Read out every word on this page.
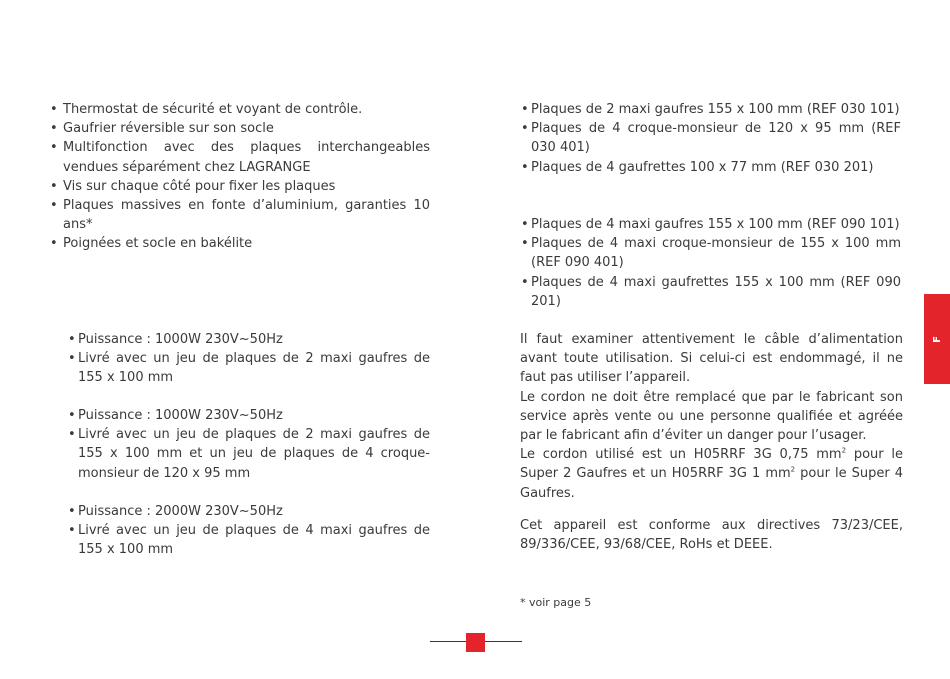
• Thermostat de sécurité et voyant de contrôle.
• Gaufrier réversible sur son socle
• Multifonction avec des plaques interchangeables vendues séparément chez LAGRANGE
• Vis sur chaque côté pour fixer les plaques
• Plaques massives en fonte d’aluminium, garanties 10 ans*
• Poignées et socle en bakélite
• Plaques de 2 maxi gaufres 155 x 100 mm (REF 030 101)
• Plaques de 4 croque-monsieur de 120 x 95 mm (REF 030 401)
• Plaques de 4 gaufrettes 100 x 77 mm (REF 030 201)
• Plaques de 4 maxi gaufres 155 x 100 mm (REF 090 101)
• Plaques de 4 maxi croque-monsieur de 155 x 100 mm (REF 090 401)
• Plaques de 4 maxi gaufrettes 155 x 100 mm (REF 090 201)
• Puissance : 1000W 230V~50Hz
• Livré avec un jeu de plaques de 2 maxi gaufres de 155 x 100 mm
• Puissance : 1000W 230V~50Hz
• Livré avec un jeu de plaques de 2 maxi gaufres de 155 x 100 mm et un jeu de plaques de 4 croque-monsieur de 120 x 95 mm
• Puissance : 2000W 230V~50Hz
• Livré avec un jeu de plaques de 4 maxi gaufres de 155 x 100 mm

Il faut examiner attentivement le câble d’alimentation avant toute utilisation. Si celui-ci est endommagé, il ne faut pas utiliser l’appareil.

Le cordon ne doit être remplacé que par le fabricant son service après vente ou une personne qualifiée et agréée par le fabricant afin d’éviter un danger pour l’usager.

Le cordon utilisé est un H05RRF 3G 0,75 $mm^2$ pour le Super 2 Gaufres et un H05RRF 3G 1 $mm^2$ pour le Super 4 Gaufres.

Cet appareil est conforme aux directives 73/23/CEE, 89/336/CEE, 93/68/CEE, RoHs et DEEE.

* voir page 5
F
